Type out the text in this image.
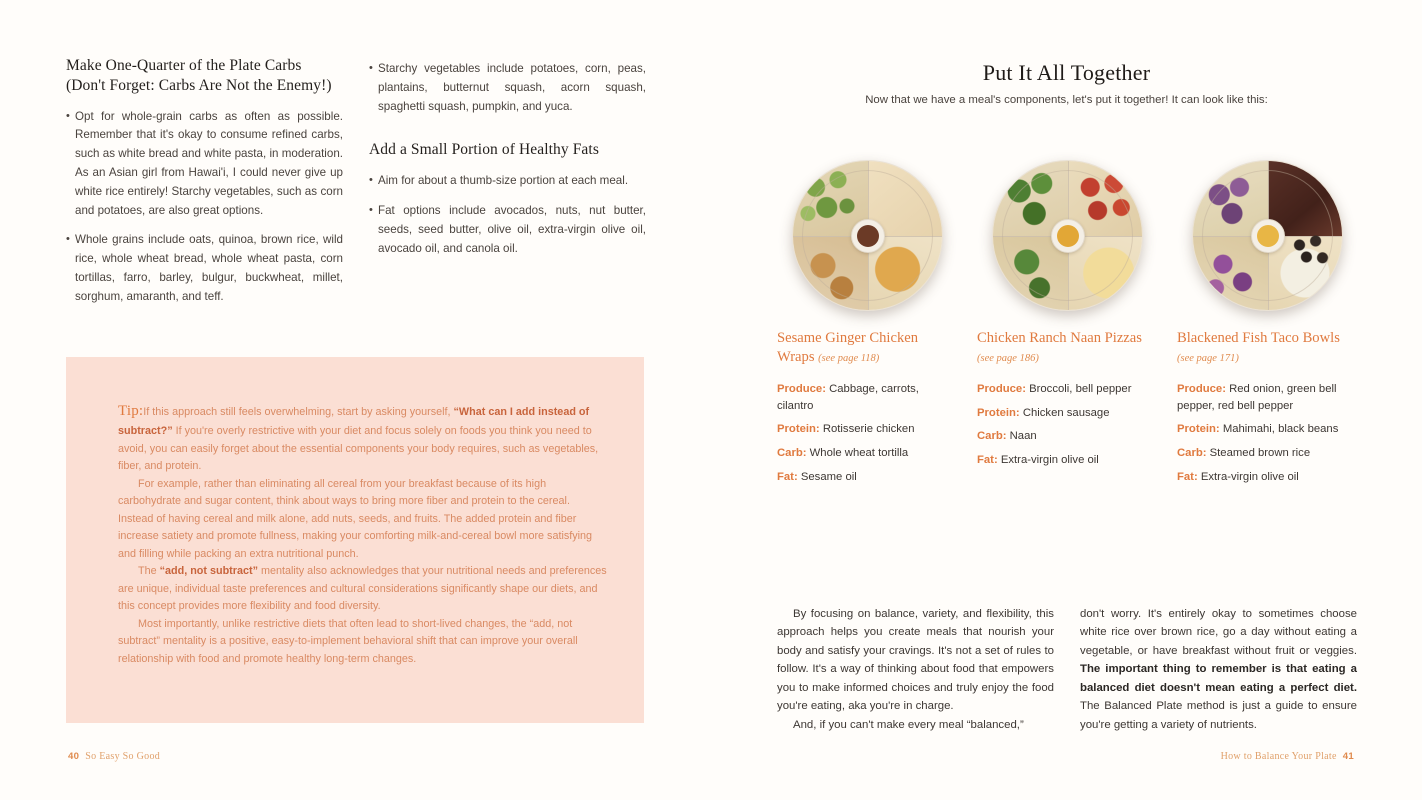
Make One-Quarter of the Plate Carbs
(Don't Forget: Carbs Are Not the Enemy!)
• Opt for whole-grain carbs as often as possible. Remember that it's okay to consume refined carbs, such as white bread and white pasta, in moderation. As an Asian girl from Hawai'i, I could never give up white rice entirely! Starchy vegetables, such as corn and potatoes, are also great options.
• Whole grains include oats, quinoa, brown rice, wild rice, whole wheat bread, whole wheat pasta, corn tortillas, farro, barley, bulgur, buckwheat, millet, sorghum, amaranth, and teff.
• Starchy vegetables include potatoes, corn, peas, plantains, butternut squash, acorn squash, spaghetti squash, pumpkin, and yuca.
Add a Small Portion of Healthy Fats
• Aim for about a thumb-size portion at each meal.
• Fat options include avocados, nuts, nut butter, seeds, seed butter, olive oil, extra-virgin olive oil, avocado oil, and canola oil.

Tip:If this approach still feels overwhelming, start by asking yourself, “What can I add instead of subtract?” If you're overly restrictive with your diet and focus solely on foods you think you need to avoid, you can easily forget about the essential components your body requires, such as vegetables, fiber, and protein.

For example, rather than eliminating all cereal from your breakfast because of its high carbohydrate and sugar content, think about ways to bring more fiber and protein to the cereal. Instead of having cereal and milk alone, add nuts, seeds, and fruits. The added protein and fiber increase satiety and promote fullness, making your comforting milk-and-cereal bowl more satisfying and filling while packing an extra nutritional punch.

The “add, not subtract” mentality also acknowledges that your nutritional needs and preferences are unique, individual taste preferences and cultural considerations significantly shape our diets, and this concept provides more flexibility and food diversity.

Most importantly, unlike restrictive diets that often lead to short-lived changes, the “add, not subtract” mentality is a positive, easy-to-implement behavioral shift that can improve your overall relationship with food and promote healthy long-term changes.

40 So Easy So Good
Put It All Together
Now that we have a meal's components, let's put it together! It can look like this:
Sesame Ginger Chicken Wraps (see page 118)
Produce: Cabbage, carrots, cilantro
Protein: Rotisserie chicken
Carb: Whole wheat tortilla
Fat: Sesame oil
Chicken Ranch Naan Pizzas (see page 186)
Produce: Broccoli, bell pepper
Protein: Chicken sausage
Carb: Naan
Fat: Extra-virgin olive oil
Blackened Fish Taco Bowls (see page 171)
Produce: Red onion, green bell pepper, red bell pepper
Protein: Mahimahi, black beans
Carb: Steamed brown rice
Fat: Extra-virgin olive oil

By focusing on balance, variety, and flexibility, this approach helps you create meals that nourish your body and satisfy your cravings. It's not a set of rules to follow. It's a way of thinking about food that empowers you to make informed choices and truly enjoy the food you're eating, aka you're in charge.

And, if you can't make every meal “balanced,”

don't worry. It's entirely okay to sometimes choose white rice over brown rice, go a day without eating a vegetable, or have breakfast without fruit or veggies. The important thing to remember is that eating a balanced diet doesn't mean eating a perfect diet. The Balanced Plate method is just a guide to ensure you're getting a variety of nutrients.

How to Balance Your Plate 41
